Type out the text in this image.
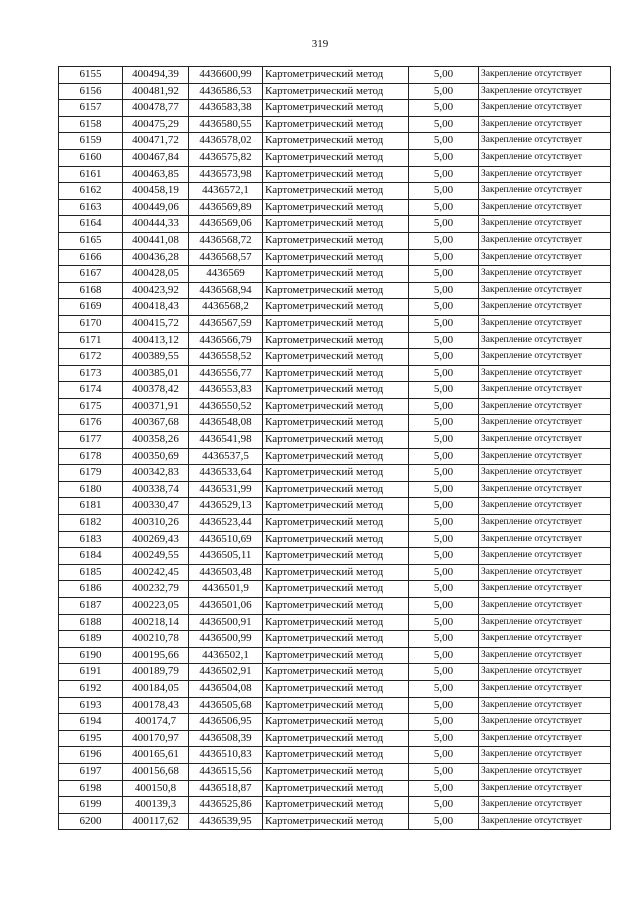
319
6155	400494,39	4436600,99	Картометрический метод	5,00	Закрепление отсутствует
6156	400481,92	4436586,53	Картометрический метод	5,00	Закрепление отсутствует
6157	400478,77	4436583,38	Картометрический метод	5,00	Закрепление отсутствует
6158	400475,29	4436580,55	Картометрический метод	5,00	Закрепление отсутствует
6159	400471,72	4436578,02	Картометрический метод	5,00	Закрепление отсутствует
6160	400467,84	4436575,82	Картометрический метод	5,00	Закрепление отсутствует
6161	400463,85	4436573,98	Картометрический метод	5,00	Закрепление отсутствует
6162	400458,19	4436572,1	Картометрический метод	5,00	Закрепление отсутствует
6163	400449,06	4436569,89	Картометрический метод	5,00	Закрепление отсутствует
6164	400444,33	4436569,06	Картометрический метод	5,00	Закрепление отсутствует
6165	400441,08	4436568,72	Картометрический метод	5,00	Закрепление отсутствует
6166	400436,28	4436568,57	Картометрический метод	5,00	Закрепление отсутствует
6167	400428,05	4436569	Картометрический метод	5,00	Закрепление отсутствует
6168	400423,92	4436568,94	Картометрический метод	5,00	Закрепление отсутствует
6169	400418,43	4436568,2	Картометрический метод	5,00	Закрепление отсутствует
6170	400415,72	4436567,59	Картометрический метод	5,00	Закрепление отсутствует
6171	400413,12	4436566,79	Картометрический метод	5,00	Закрепление отсутствует
6172	400389,55	4436558,52	Картометрический метод	5,00	Закрепление отсутствует
6173	400385,01	4436556,77	Картометрический метод	5,00	Закрепление отсутствует
6174	400378,42	4436553,83	Картометрический метод	5,00	Закрепление отсутствует
6175	400371,91	4436550,52	Картометрический метод	5,00	Закрепление отсутствует
6176	400367,68	4436548,08	Картометрический метод	5,00	Закрепление отсутствует
6177	400358,26	4436541,98	Картометрический метод	5,00	Закрепление отсутствует
6178	400350,69	4436537,5	Картометрический метод	5,00	Закрепление отсутствует
6179	400342,83	4436533,64	Картометрический метод	5,00	Закрепление отсутствует
6180	400338,74	4436531,99	Картометрический метод	5,00	Закрепление отсутствует
6181	400330,47	4436529,13	Картометрический метод	5,00	Закрепление отсутствует
6182	400310,26	4436523,44	Картометрический метод	5,00	Закрепление отсутствует
6183	400269,43	4436510,69	Картометрический метод	5,00	Закрепление отсутствует
6184	400249,55	4436505,11	Картометрический метод	5,00	Закрепление отсутствует
6185	400242,45	4436503,48	Картометрический метод	5,00	Закрепление отсутствует
6186	400232,79	4436501,9	Картометрический метод	5,00	Закрепление отсутствует
6187	400223,05	4436501,06	Картометрический метод	5,00	Закрепление отсутствует
6188	400218,14	4436500,91	Картометрический метод	5,00	Закрепление отсутствует
6189	400210,78	4436500,99	Картометрический метод	5,00	Закрепление отсутствует
6190	400195,66	4436502,1	Картометрический метод	5,00	Закрепление отсутствует
6191	400189,79	4436502,91	Картометрический метод	5,00	Закрепление отсутствует
6192	400184,05	4436504,08	Картометрический метод	5,00	Закрепление отсутствует
6193	400178,43	4436505,68	Картометрический метод	5,00	Закрепление отсутствует
6194	400174,7	4436506,95	Картометрический метод	5,00	Закрепление отсутствует
6195	400170,97	4436508,39	Картометрический метод	5,00	Закрепление отсутствует
6196	400165,61	4436510,83	Картометрический метод	5,00	Закрепление отсутствует
6197	400156,68	4436515,56	Картометрический метод	5,00	Закрепление отсутствует
6198	400150,8	4436518,87	Картометрический метод	5,00	Закрепление отсутствует
6199	400139,3	4436525,86	Картометрический метод	5,00	Закрепление отсутствует
6200	400117,62	4436539,95	Картометрический метод	5,00	Закрепление отсутствует
